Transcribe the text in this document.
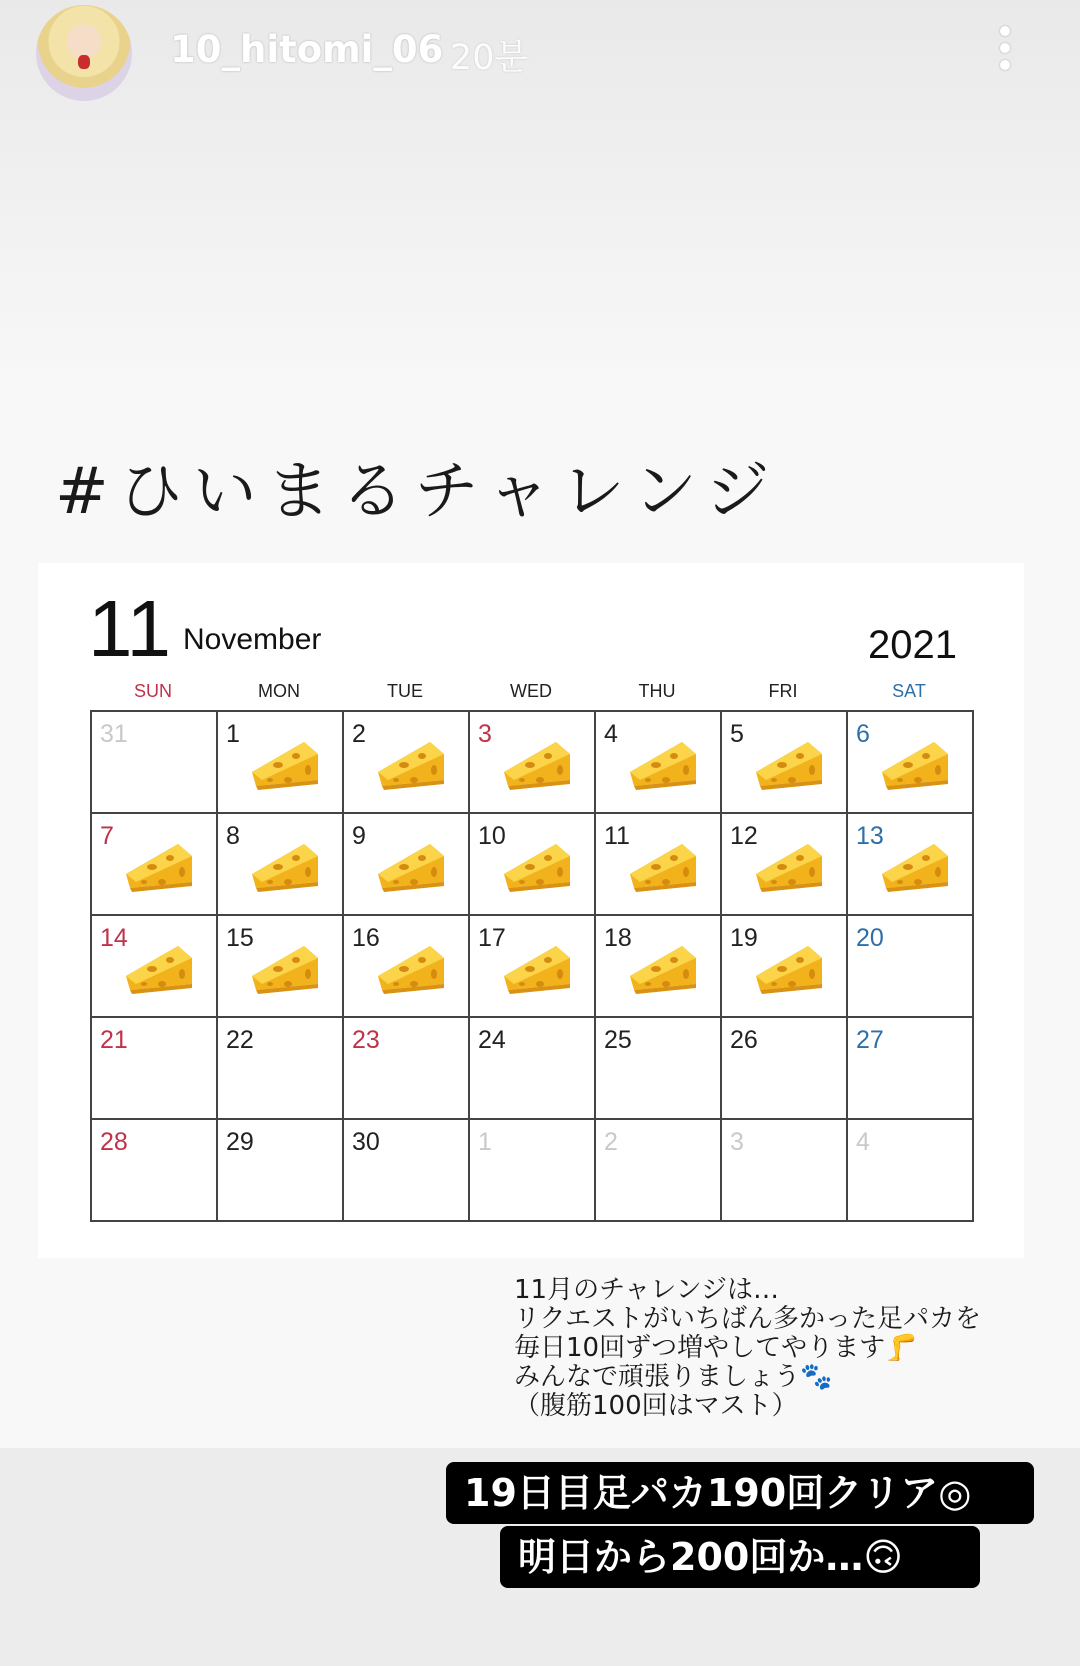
10_hitomi_06 20분
#ひいまるチャレンジ
11 November	2021
SUN	MON	TUE	WED	THU	FRI	SAT
31	1	2	3	4	5	6
7	8	9	10	11	12	13
14	15	16	17	18	19	20
21	22	23	24	25	26	27
28	29	30	1	2	3	4
11月のチャレンジは…
リクエストがいちばん多かった足パカを
毎日10回ずつ増やしてやります🦵
みんなで頑張りましょう🐾
（腹筋100回はマスト）
19日目足パカ190回クリア◎
明日から200回か…🙃
